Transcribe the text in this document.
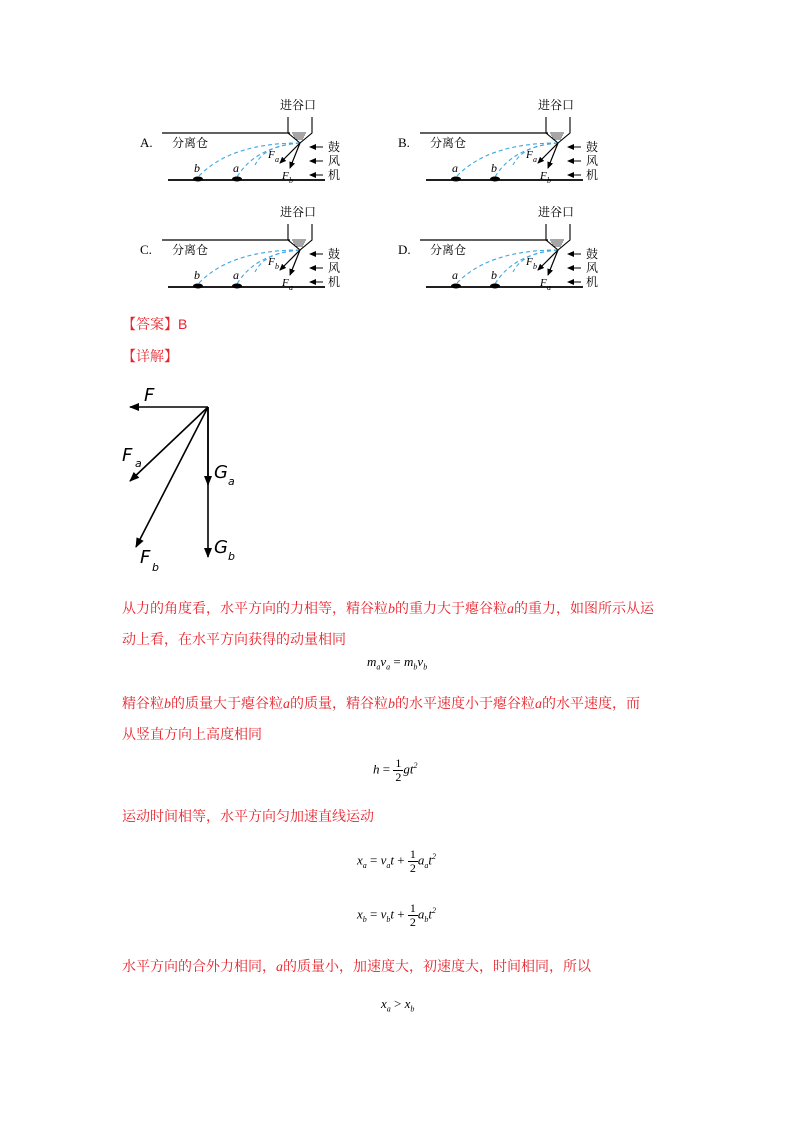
A. 分离仓
进谷口
b	a
F a
F b
鼓
风
机
B. 分离仓
进谷口
a	b
F a
F b
鼓
风
机
C. 分离仓
进谷口
b	a
F b
F a
鼓
风
机
D. 分离仓
进谷口
a	b
F b
F a
鼓
风
机
【答案】B
【详解】
F
F a
F b
G a
G b
从力的角度看，水平方向的力相等，精谷粒b的重力大于瘪谷粒a的重力，如图所示从运
动上看，在水平方向获得的动量相同
$m_av_a = m_bv_b$
精谷粒b的质量大于瘪谷粒a的质量，精谷粒b的水平速度小于瘪谷粒a的水平速度，而
从竖直方向上高度相同
$h = \frac{1}{2} gt^2$
运动时间相等，水平方向匀加速直线运动
$x_a = v_at + \frac{1}{2} a_at^2$
$x_b = v_bt + \frac{1}{2} a_bt^2$
水平方向的合外力相同，a的质量小，加速度大，初速度大，时间相同，所以
$x_a > x_b$
